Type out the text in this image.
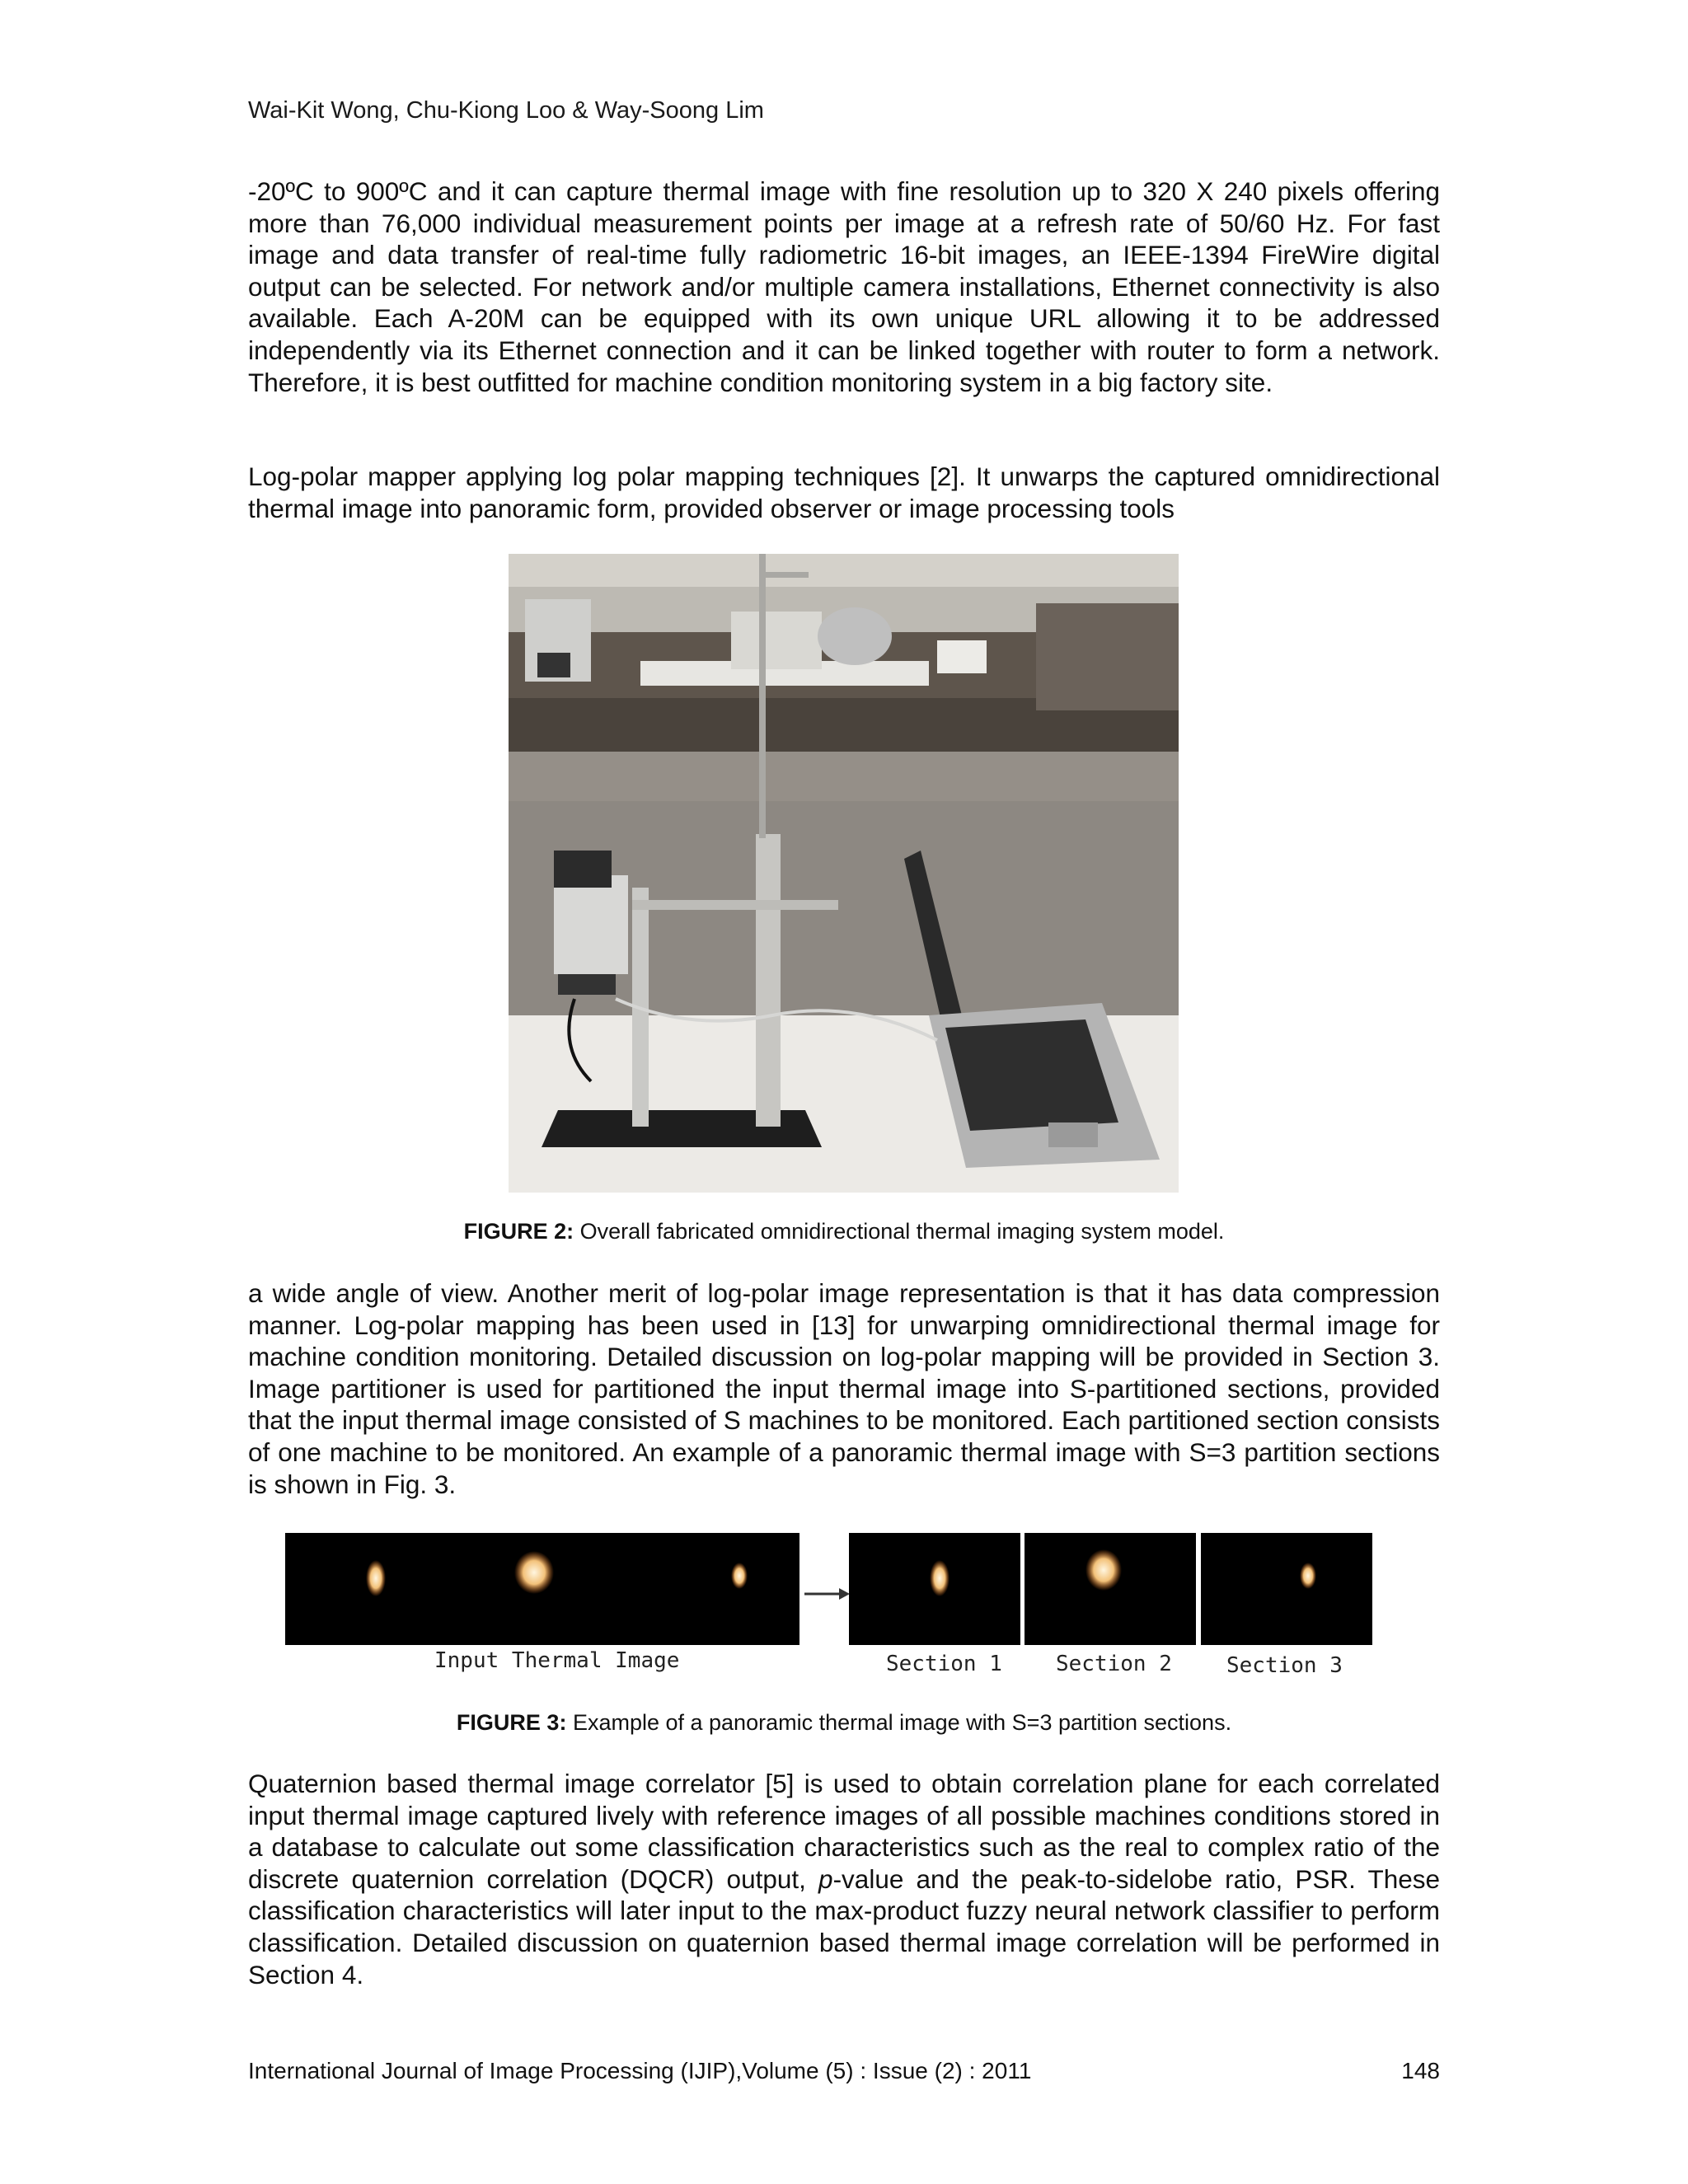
Wai-Kit Wong, Chu-Kiong Loo & Way-Soong Lim

-20ºC to 900ºC and it can capture thermal image with fine resolution up to 320 X 240 pixels offering more than 76,000 individual measurement points per image at a refresh rate of 50/60 Hz. For fast image and data transfer of real-time fully radiometric 16-bit images, an IEEE-1394 FireWire digital output can be selected. For network and/or multiple camera installations, Ethernet connectivity is also available. Each A-20M can be equipped with its own unique URL allowing it to be addressed independently via its Ethernet connection and it can be linked together with router to form a network. Therefore, it is best outfitted for machine condition monitoring system in a big factory site.

Log-polar mapper applying log polar mapping techniques [2]. It unwarps the captured omnidirectional thermal image into panoramic form, provided observer or image processing tools

FIGURE 2: Overall fabricated omnidirectional thermal imaging system model.

a wide angle of view. Another merit of log-polar image representation is that it has data compression manner. Log-polar mapping has been used in [13] for unwarping omnidirectional thermal image for machine condition monitoring. Detailed discussion on log-polar mapping will be provided in Section 3. Image partitioner is used for partitioned the input thermal image into S-partitioned sections, provided that the input thermal image consisted of S machines to be monitored. Each partitioned section consists of one machine to be monitored. An example of a panoramic thermal image with S=3 partition sections is shown in Fig. 3.

Input Thermal Image	Section 1	Section 2	Section 3
FIGURE 3: Example of a panoramic thermal image with S=3 partition sections.

Quaternion based thermal image correlator [5] is used to obtain correlation plane for each correlated input thermal image captured lively with reference images of all possible machines conditions stored in a database to calculate out some classification characteristics such as the real to complex ratio of the discrete quaternion correlation (DQCR) output, p-value and the peak-to-sidelobe ratio, PSR. These classification characteristics will later input to the max-product fuzzy neural network classifier to perform classification. Detailed discussion on quaternion based thermal image correlation will be performed in Section 4.

International Journal of Image Processing (IJIP),Volume (5) : Issue (2) : 2011	148
